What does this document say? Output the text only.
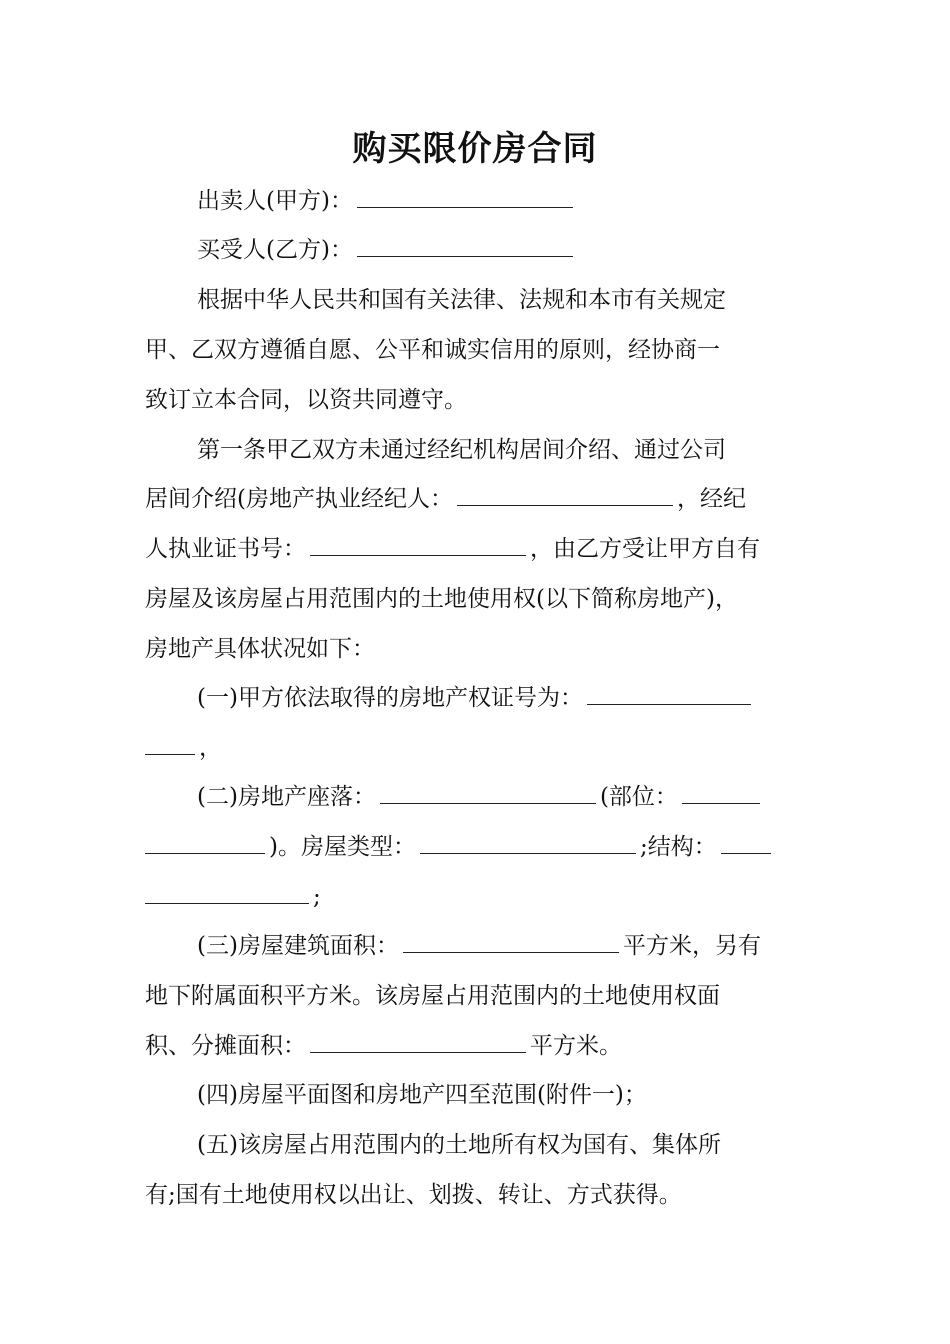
购买限价房合同
出卖人(甲方)：
买受人(乙方)：
根据中华人民共和国有关法律、法规和本市有关规定
甲、乙双方遵循自愿、公平和诚实信用的原则，经协商一
致订立本合同，以资共同遵守。
第一条甲乙双方未通过经纪机构居间介绍、通过公司
居间介绍(房地产执业经纪人：	，经纪
人执业证书号：	，由乙方受让甲方自有
房屋及该房屋占用范围内的土地使用权(以下简称房地产)，
房地产具体状况如下：
(一)甲方依法取得的房地产权证号为：
，
(二)房地产座落：	(部位：
)。房屋类型：	;结构：
;
(三)房屋建筑面积：	平方米，另有
地下附属面积平方米。该房屋占用范围内的土地使用权面
积、分摊面积：	平方米。
(四)房屋平面图和房地产四至范围(附件一)；
(五)该房屋占用范围内的土地所有权为国有、集体所
有;国有土地使用权以出让、划拨、转让、方式获得。
